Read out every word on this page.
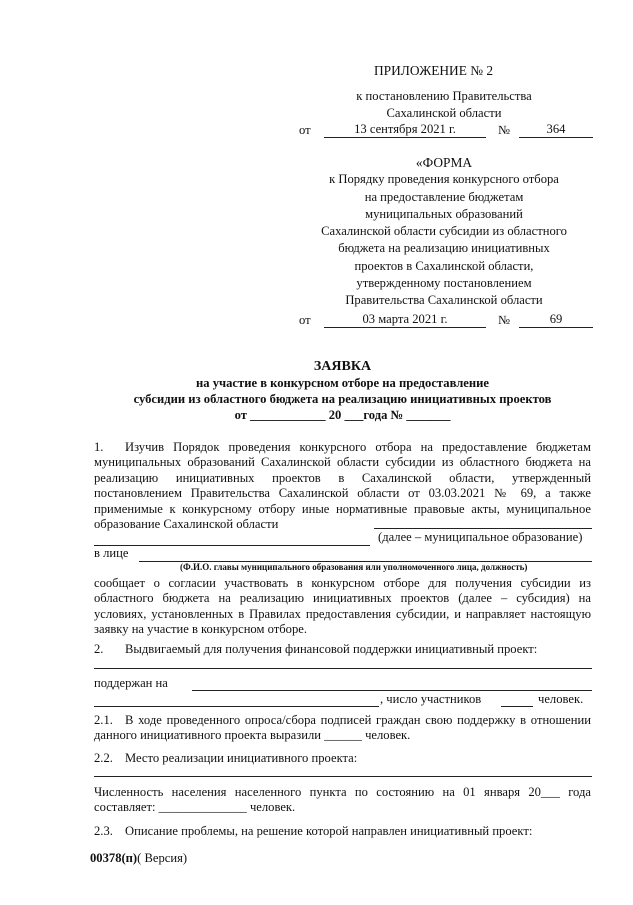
ПРИЛОЖЕНИЕ № 2
к постановлению Правительства
Сахалинской области
от	13 сентября 2021 г.	№	364
«ФОРМА
к Порядку проведения конкурсного отбора
на предоставление бюджетам
муниципальных образований
Сахалинской области субсидии из областного
бюджета на реализацию инициативных
проектов в Сахалинской области,
утвержденному постановлением
Правительства Сахалинской области
от	03 марта 2021 г.	№	69
ЗАЯВКА
на участие в конкурсном отборе на предоставление
субсидии из областного бюджета на реализацию инициативных проектов
от ____________ 20 ___года № _______
1. Изучив Порядок проведения конкурсного отбора на предоставление бюджетам муниципальных образований Сахалинской области субсидии из областного бюджета на реализацию инициативных проектов в Сахалинской области, утвержденный постановлением Правительства Сахалинской области от 03.03.2021 № 69, а также применимые к конкурсному отбору иные нормативные правовые акты, муниципальное образование Сахалинской области
(далее – муниципальное образование)
в лице
(Ф.И.О. главы муниципального образования или уполномоченного лица, должность)
сообщает о согласии участвовать в конкурсном отборе для получения субсидии из областного бюджета на реализацию инициативных проектов (далее – субсидия) на условиях, установленных в Правилах предоставления субсидии, и направляет настоящую заявку на участие в конкурсном отборе.
2. Выдвигаемый для получения финансовой поддержки инициативный проект:
поддержан на
, число участников	человек.
2.1. В ходе проведенного опроса/сбора подписей граждан свою поддержку в отношении данного инициативного проекта выразили ______ человек.
2.2. Место реализации инициативного проекта:
Численность населения населенного пункта по состоянию на 01 января 20___ года составляет: ______________ человек.
2.3. Описание проблемы, на решение которой направлен инициативный проект:
00378(п)( Версия)
